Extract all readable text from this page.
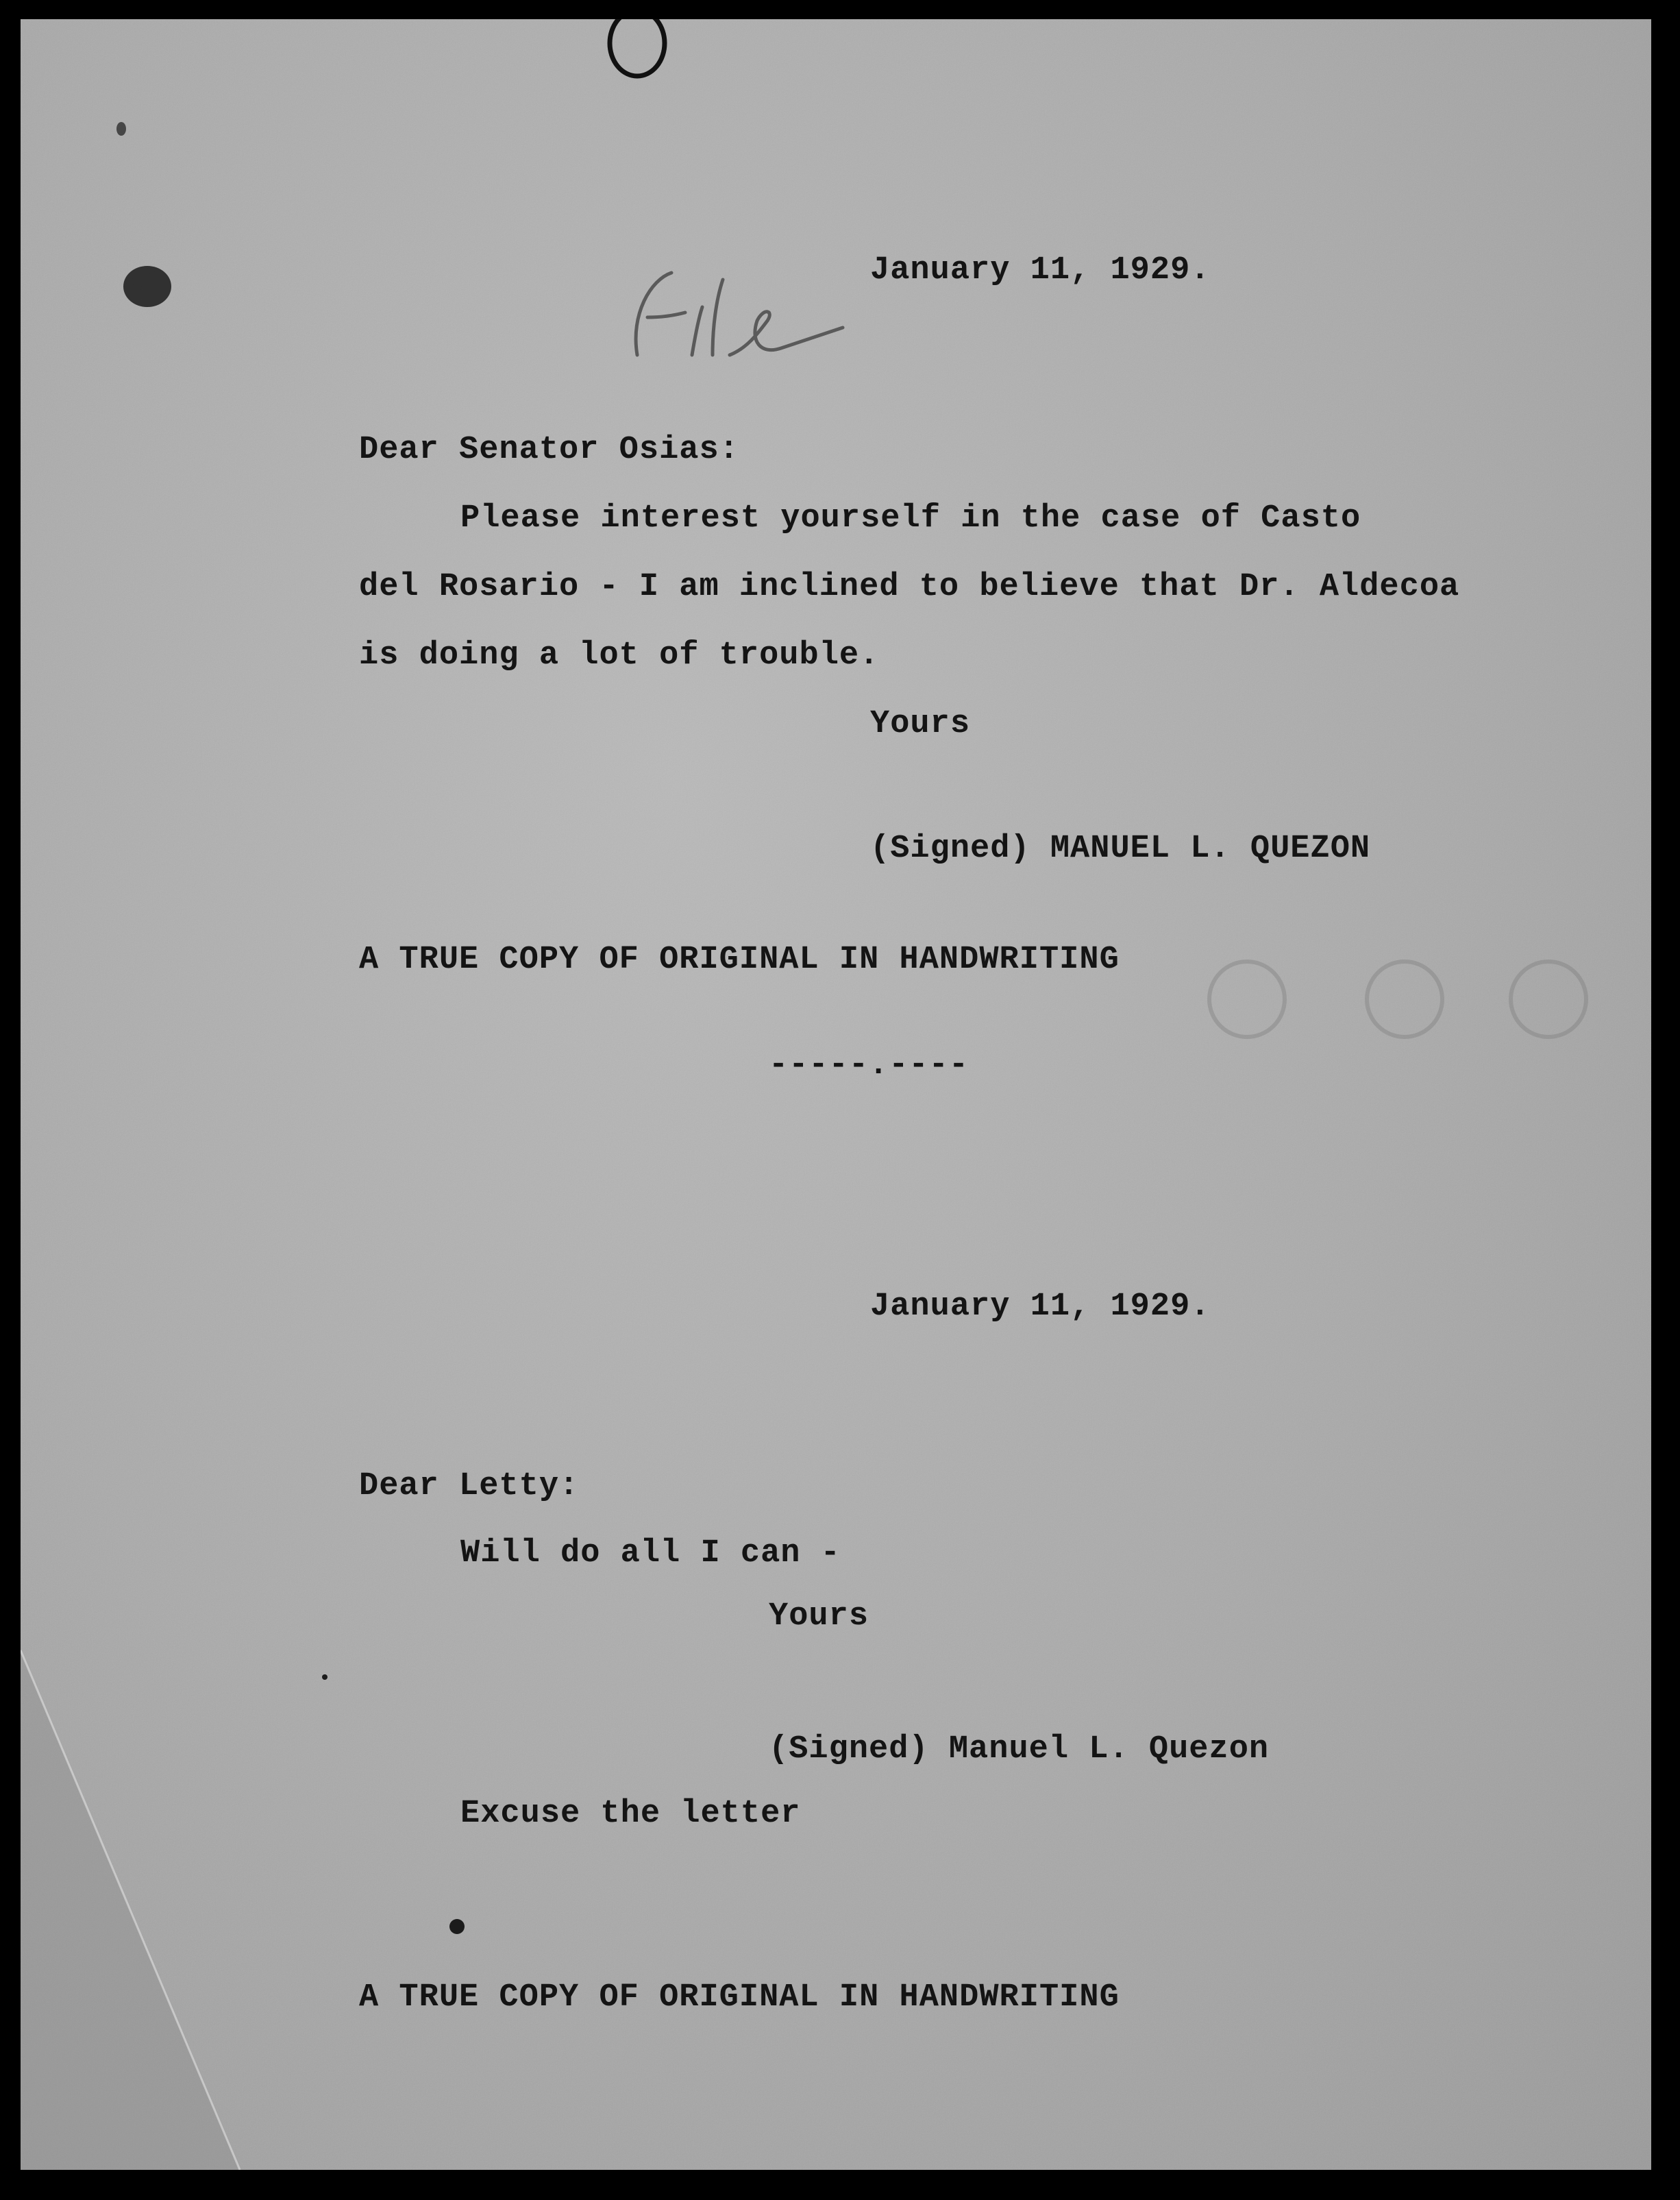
January 11, 1929.
Dear Senator Osias:
Please interest yourself in the case of Casto
del Rosario - I am inclined to believe that Dr. Aldecoa
is doing a lot of trouble.
Yours
(Signed) MANUEL L. QUEZON
A TRUE COPY OF ORIGINAL IN HANDWRITING
-----.----
January 11, 1929.
Dear Letty:
Will do all I can -
Yours
(Signed) Manuel L. Quezon
Excuse the letter
A TRUE COPY OF ORIGINAL IN HANDWRITING
